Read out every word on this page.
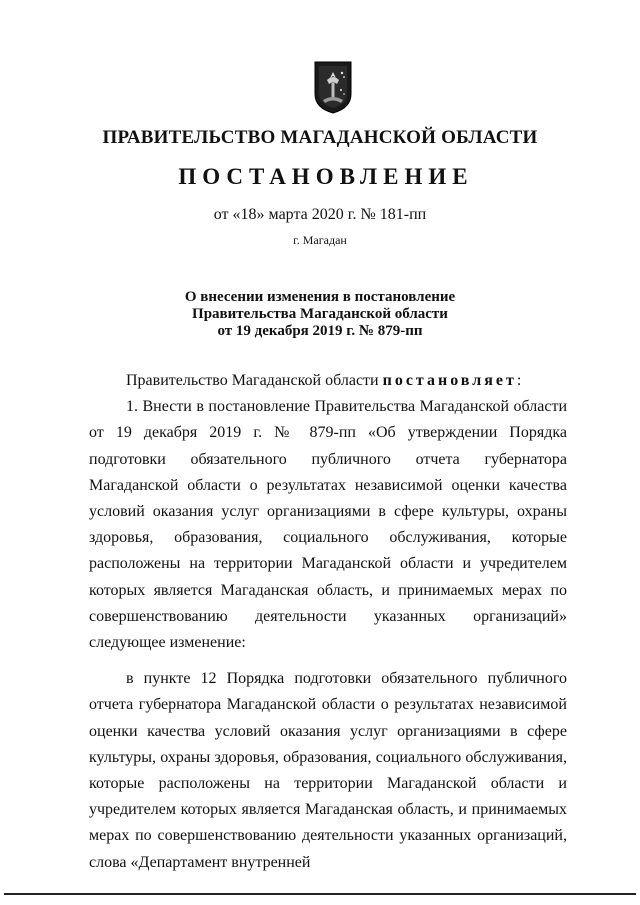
ПРАВИТЕЛЬСТВО МАГАДАНСКОЙ ОБЛАСТИ
ПОСТАНОВЛЕНИЕ
от «18» марта 2020 г. № 181-пп
г. Магадан
О внесении изменения в постановление
Правительства Магаданской области
от 19 декабря 2019 г. № 879-пп

Правительство Магаданской области постановляет:

1. Внести в постановление Правительства Магаданской области от 19 декабря 2019 г. № 879-пп «Об утверждении Порядка подготовки обязательного публичного отчета губернатора Магаданской области о результатах независимой оценки качества условий оказания услуг организациями в сфере культуры, охраны здоровья, образования, социального обслуживания, которые расположены на территории Магаданской области и учредителем которых является Магаданская область, и принимаемых мерах по совершенствованию деятельности указанных организаций» следующее изменение:

в пункте 12 Порядка подготовки обязательного публичного отчета губернатора Магаданской области о результатах независимой оценки качества условий оказания услуг организациями в сфере культуры, охраны здоровья, образования, социального обслуживания, которые расположены на территории Магаданской области и учредителем которых является Магаданская область, и принимаемых мерах по совершенствованию деятельности указанных организаций, слова «Департамент внутренней
